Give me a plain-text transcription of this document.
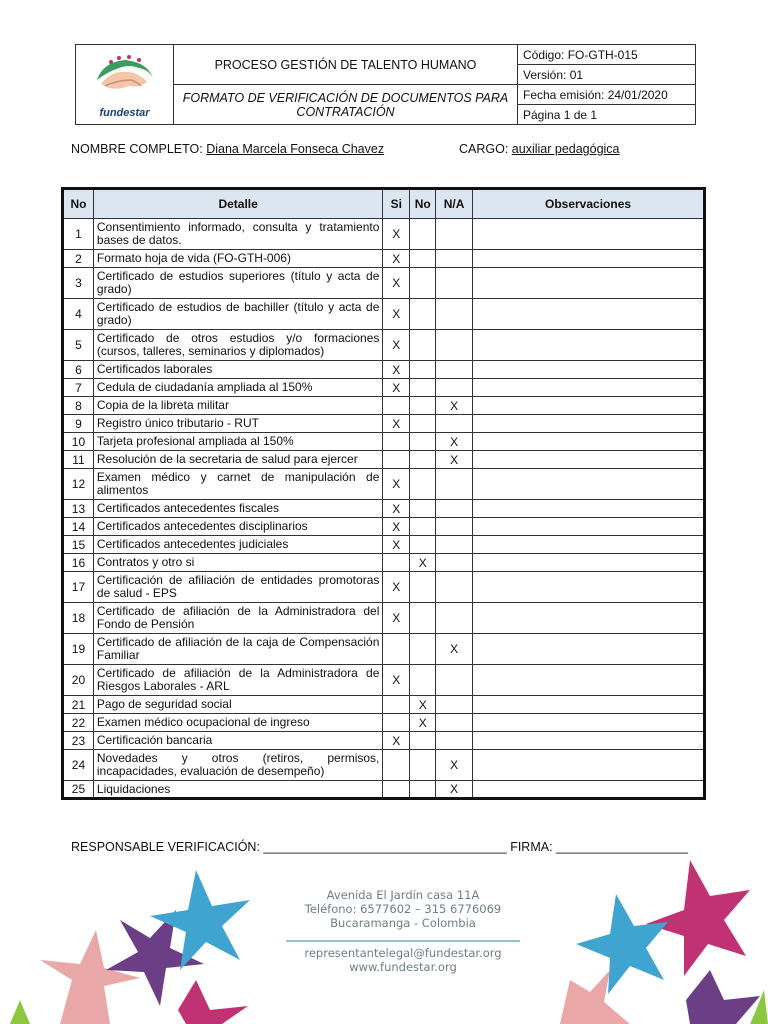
fundestar	PROCESO GESTIÓN DE TALENTO HUMANO	Código: FO-GTH-015
		Versión: 01
	FORMATO DE VERIFICACIÓN DE DOCUMENTOS PARA CONTRATACIÓN	Fecha emisión: 24/01/2020
		Página 1 de 1
NOMBRE COMPLETO: Diana Marcela Fonseca Chavez	CARGO: auxiliar pedagógica
No	Detalle	Si	No	N/A	Observaciones
1	Consentimiento informado, consulta y tratamiento bases de datos.	X			
2	Formato hoja de vida (FO-GTH-006)	X			
3	Certificado de estudios superiores (título y acta de grado)	X			
4	Certificado de estudios de bachiller (título y acta de grado)	X			
5	Certificado de otros estudios y/o formaciones (cursos, talleres, seminarios y diplomados)	X			
6	Certificados laborales	X			
7	Cedula de ciudadanía ampliada al 150%	X			
8	Copia de la libreta militar			X	
9	Registro único tributario - RUT	X			
10	Tarjeta profesional ampliada al 150%			X	
11	Resolución de la secretaria de salud para ejercer			X	
12	Examen médico y carnet de manipulación de alimentos	X			
13	Certificados antecedentes fiscales	X			
14	Certificados antecedentes disciplinarios	X			
15	Certificados antecedentes judiciales	X			
16	Contratos y otro si		X		
17	Certificación de afiliación de entidades promotoras de salud - EPS	X			
18	Certificado de afiliación de la Administradora del Fondo de Pensión	X			
19	Certificado de afiliación de la caja de Compensación Familiar			X	
20	Certificado de afiliación de la Administradora de Riesgos Laborales - ARL	X			
21	Pago de seguridad social		X		
22	Examen médico ocupacional de ingreso		X		
23	Certificación bancaria	X			
24	Novedades y otros (retiros, permisos, incapacidades, evaluación de desempeño)			X	
25	Liquidaciones			X	
RESPONSABLE VERIFICACIÓN: ___________________________________ FIRMA: ___________________
Avenida El Jardín casa 11A
Teléfono: 6577602 – 315 6776069
Bucaramanga - Colombia
representantelegal@fundestar.org
www.fundestar.org
